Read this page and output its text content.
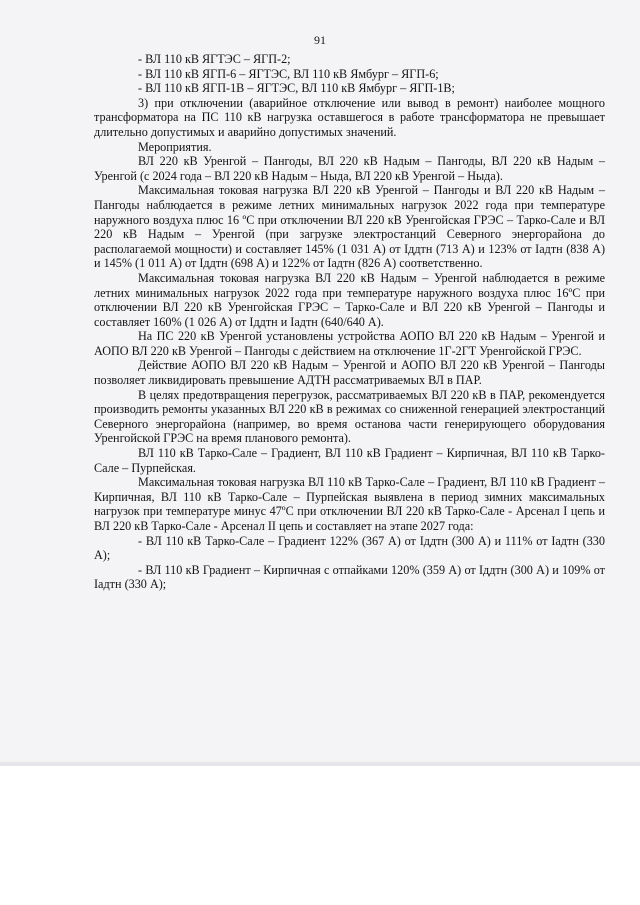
91

- ВЛ 110 кВ ЯГТЭС – ЯГП-2;

- ВЛ 110 кВ ЯГП-6 – ЯГТЭС, ВЛ 110 кВ Ямбург – ЯГП-6;

- ВЛ 110 кВ ЯГП-1В – ЯГТЭС, ВЛ 110 кВ Ямбург – ЯГП-1В;

3) при отключении (аварийное отключение или вывод в ремонт) наиболее мощного трансформатора на ПС 110 кВ нагрузка оставшегося в работе трансформатора не превышает длительно допустимых и аварийно допустимых значений.

Мероприятия.

ВЛ 220 кВ Уренгой – Пангоды, ВЛ 220 кВ Надым – Пангоды, ВЛ 220 кВ Надым – Уренгой (с 2024 года – ВЛ 220 кВ Надым – Ныда, ВЛ 220 кВ Уренгой – Ныда).

Максимальная токовая нагрузка ВЛ 220 кВ Уренгой – Пангоды и ВЛ 220 кВ Надым – Пангоды наблюдается в режиме летних минимальных нагрузок 2022 года при температуре наружного воздуха плюс 16 ºС при отключении ВЛ 220 кВ Уренгойская ГРЭС – Тарко-Сале и ВЛ 220 кВ Надым – Уренгой (при загрузке электростанций Северного энергорайона до располагаемой мощности) и составляет 145% (1 031 А) от Iддтн (713 А) и 123% от Iадтн (838 А) и 145% (1 011 А) от Iддтн (698 А) и 122% от Iадтн (826 А) соответственно.

Максимальная токовая нагрузка ВЛ 220 кВ Надым – Уренгой наблюдается в режиме летних минимальных нагрузок 2022 года при температуре наружного воздуха плюс 16ºС при отключении ВЛ 220 кВ Уренгойская ГРЭС – Тарко-Сале и ВЛ 220 кВ Уренгой – Пангоды и составляет 160% (1 026 А) от Iддтн и Iадтн (640/640 А).

На ПС 220 кВ Уренгой установлены устройства АОПО ВЛ 220 кВ Надым – Уренгой и АОПО ВЛ 220 кВ Уренгой – Пангоды с действием на отключение 1Г-2ГТ Уренгойской ГРЭС.

Действие АОПО ВЛ 220 кВ Надым – Уренгой и АОПО ВЛ 220 кВ Уренгой – Пангоды позволяет ликвидировать превышение АДТН рассматриваемых ВЛ в ПАР.

В целях предотвращения перегрузок, рассматриваемых ВЛ 220 кВ в ПАР, рекомендуется производить ремонты указанных ВЛ 220 кВ в режимах со сниженной генерацией электростанций Северного энергорайона (например, во время останова части генерирующего оборудования Уренгойской ГРЭС на время планового ремонта).

ВЛ 110 кВ Тарко-Сале – Градиент, ВЛ 110 кВ Градиент – Кирпичная, ВЛ 110 кВ Тарко-Сале – Пурпейская.

Максимальная токовая нагрузка ВЛ 110 кВ Тарко-Сале – Градиент, ВЛ 110 кВ Градиент – Кирпичная, ВЛ 110 кВ Тарко-Сале – Пурпейская выявлена в период зимних максимальных нагрузок при температуре минус 47ºС при отключении ВЛ 220 кВ Тарко-Сале - Арсенал I цепь и ВЛ 220 кВ Тарко-Сале - Арсенал II цепь и составляет на этапе 2027 года:

- ВЛ 110 кВ Тарко-Сале – Градиент 122% (367 А) от Iддтн (300 А) и 111% от Iадтн (330 А);

- ВЛ 110 кВ Градиент – Кирпичная с отпайками 120% (359 А) от Iддтн (300 А) и 109% от Iадтн (330 А);
